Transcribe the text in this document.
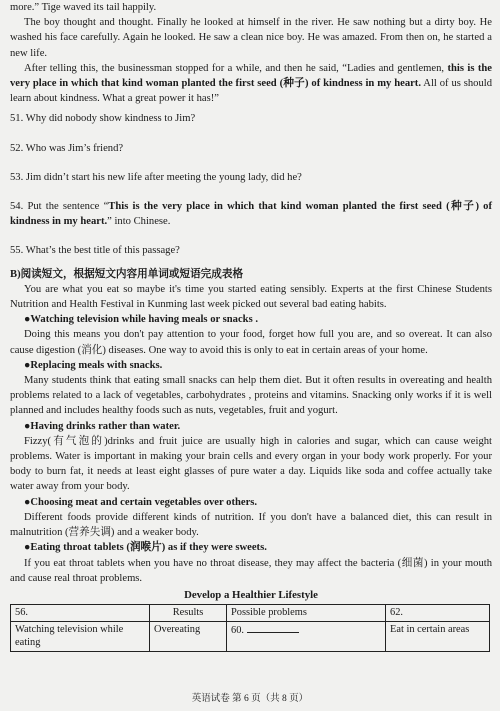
more.” Tige waved its tail happily.

The boy thought and thought. Finally he looked at himself in the river. He saw nothing but a dirty boy. He washed his face carefully. Again he looked. He saw a clean nice boy. He was amazed. From then on, he started a new life.

After telling this, the businessman stopped for a while, and then he said, “Ladies and gentlemen, this is the very place in which that kind woman planted the first seed (种子) of kindness in my heart. All of us should learn about kindness. What a great power it has!”

51. Why did nobody show kindness to Jim?

52. Who was Jim’s friend?

53. Jim didn’t start his new life after meeting the young lady, did he?

54. Put the sentence “This is the very place in which that kind woman planted the first seed (种子) of kindness in my heart.” into Chinese.

55. What’s the best title of this passage?

B)阅读短文，根据短文内容用单词或短语完成表格

You are what you eat so maybe it's time you started eating sensibly. Experts at the first Chinese Students Nutrition and Health Festival in Kunming last week picked out several bad eating habits.

●Watching television while having meals or snacks .

Doing this means you don't pay attention to your food, forget how full you are, and so overeat. It can also cause digestion (消化) diseases. One way to avoid this is only to eat in certain areas of your home.

●Replacing meals with snacks.

Many students think that eating small snacks can help them diet. But it often results in overeating and health problems related to a lack of vegetables, carbohydrates , proteins and vitamins. Snacking only works if it is well planned and includes healthy foods such as nuts, vegetables, fruit and yogurt.

●Having drinks rather than water.

Fizzy(有气泡的)drinks and fruit juice are usually high in calories and sugar, which can cause weight problems. Water is important in making your brain cells and every organ in your body work properly. For your body to burn fat, it needs at least eight glasses of pure water a day. Liquids like soda and coffee actually take water away from your body.

●Choosing meat and certain vegetables over others.

Different foods provide different kinds of nutrition. If you don't have a balanced diet, this can result in malnutrition (营养失调) and a weaker body.

●Eating throat tablets (润喉片) as if they were sweets.

If you eat throat tablets when you have no throat disease, they may affect the bacteria (细菌) in your mouth and cause real throat problems.

Develop a Healthier Lifestyle

56.	Results	Possible problems	62.
Watching television while eating	Overeating	60.	Eat in certain areas
英语试卷 第 6 页（共 8 页）
